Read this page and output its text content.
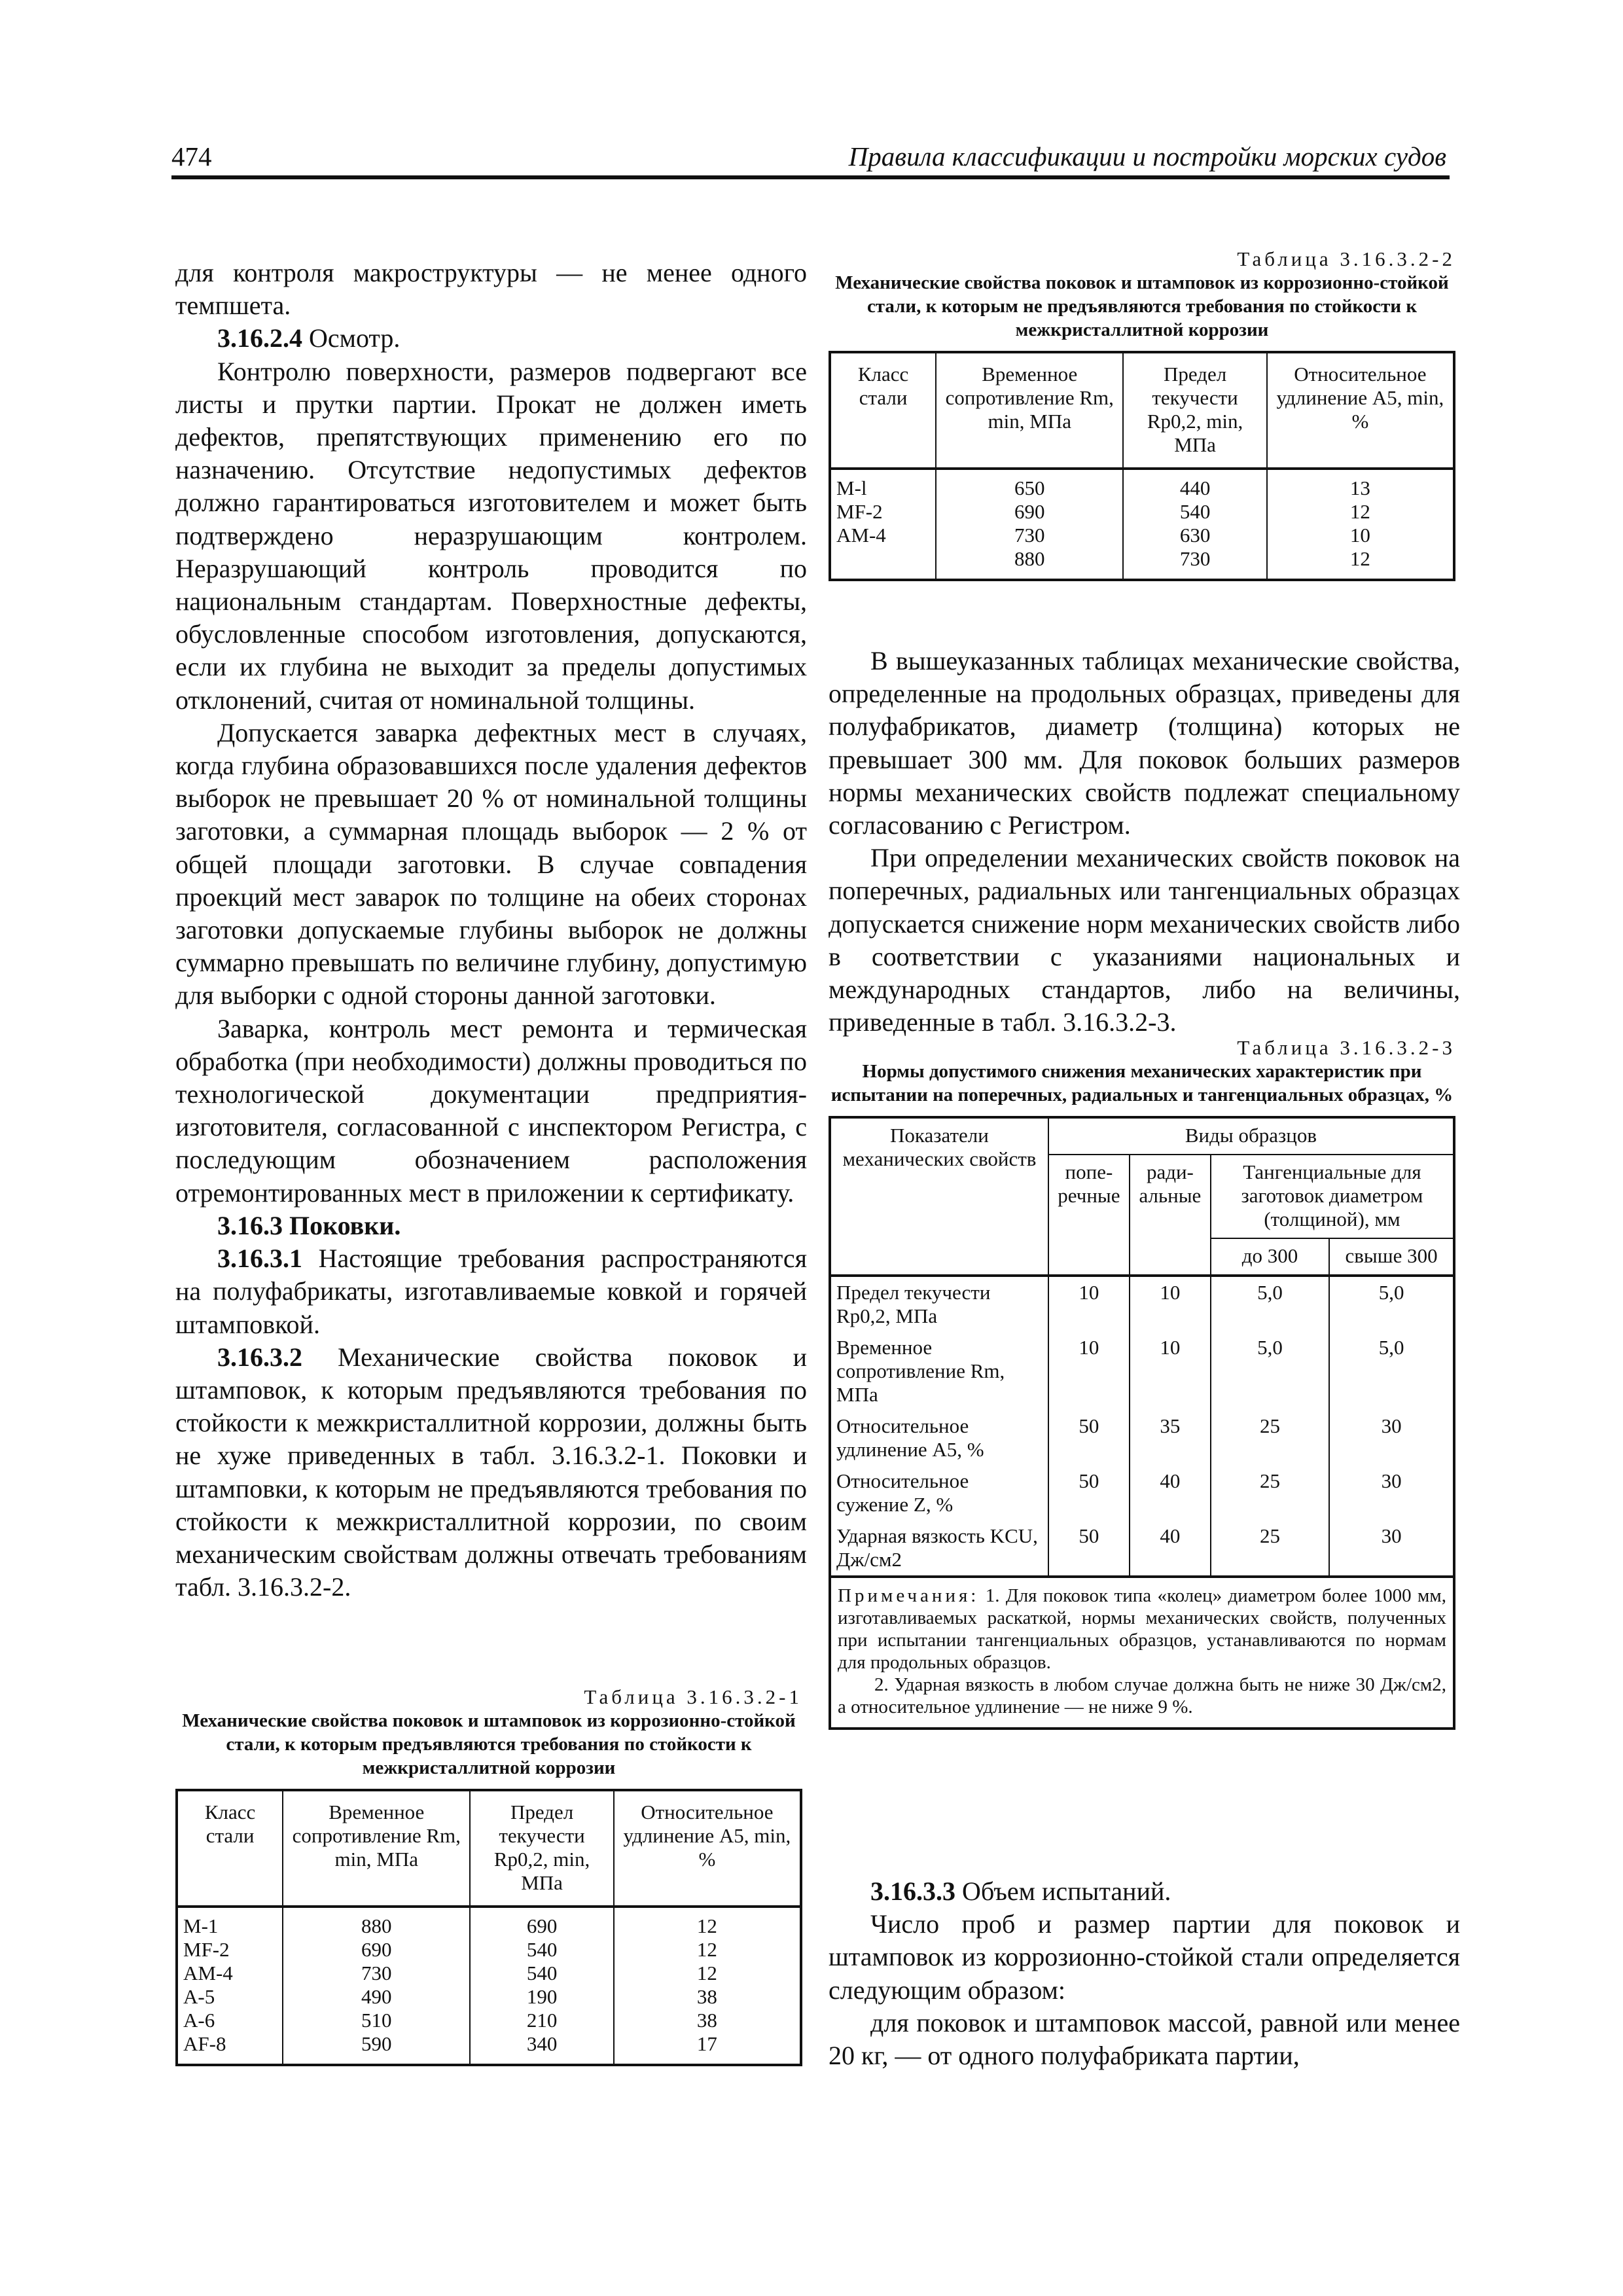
474	Правила классификации и постройки морских судов

для контроля макроструктуры — не менее одного темпшета.

3.16.2.4 Осмотр.

Контролю поверхности, размеров подвергают все листы и прутки партии. Прокат не должен иметь дефектов, препятствующих применению его по назначению. Отсутствие недопустимых дефектов должно гарантироваться изготовителем и может быть подтверждено неразрушающим контролем. Неразрушающий контроль проводится по национальным стандартам. Поверхностные дефекты, обусловленные способом изготовления, допускаются, если их глубина не выходит за пределы допустимых отклонений, считая от номинальной толщины.

Допускается заварка дефектных мест в случаях, когда глубина образовавшихся после удаления дефектов выборок не превышает 20 % от номинальной толщины заготовки, а суммарная площадь выборок — 2 % от общей площади заготовки. В случае совпадения проекций мест заварок по толщине на обеих сторонах заготовки допускаемые глубины выборок не должны суммарно превышать по величине глубину, допустимую для выборки с одной стороны данной заготовки.

Заварка, контроль мест ремонта и термическая обработка (при необходимости) должны проводиться по технологической документации предприятия-изготовителя, согласованной с инспектором Регистра, с последующим обозначением расположения отремонтированных мест в приложении к сертификату.

3.16.3 Поковки.

3.16.3.1 Настоящие требования распространяются на полуфабрикаты, изготавливаемые ковкой и горячей штамповкой.

3.16.3.2 Механические свойства поковок и штамповок, к которым предъявляются требования по стойкости к межкристаллитной коррозии, должны быть не хуже приведенных в табл. 3.16.3.2-1. Поковки и штамповки, к которым не предъявляются требования по стойкости к межкристаллитной коррозии, по своим механическим свойствам должны отвечать требованиям табл. 3.16.3.2-2.

Таблица 3.16.3.2-1
Механические свойства поковок и штамповок из коррозионно-стойкой стали, к которым предъявляются требования по стойкости к межкристаллитной коррозии
Класс стали	Временное сопротивление Rm, min, МПа	Предел текучести Rp0,2, min, МПа	Относительное удлинение A5, min, %
M-1	880	690	12
MF-2	690	540	12
AM-4	730	540	12
A-5	490	190	38
A-6	510	210	38
AF-8	590	340	17
Таблица 3.16.3.2-2
Механические свойства поковок и штамповок из коррозионно-стойкой стали, к которым не предъявляются требования по стойкости к межкристаллитной коррозии
Класс стали	Временное сопротивление Rm, min, МПа	Предел текучести Rp0,2, min, МПа	Относительное удлинение A5, min, %
M-l	650	440	13
MF-2	690	540	12
AM-4	730	630	10
	880	730	12

В вышеуказанных таблицах механические свойства, определенные на продольных образцах, приведены для полуфабрикатов, диаметр (толщина) которых не превышает 300 мм. Для поковок больших размеров нормы механических свойств подлежат специальному согласованию с Регистром.

При определении механических свойств поковок на поперечных, радиальных или тангенциальных образцах допускается снижение норм механических свойств либо в соответствии с указаниями национальных и международных стандартов, либо на величины, приведенные в табл. 3.16.3.2-3.

Таблица 3.16.3.2-3
Нормы допустимого снижения механических характеристик при испытании на поперечных, радиальных и тангенциальных образцах, %
Показатели механических свойств	Виды образцов			
	попе-речные	ради-альные	Тангенциальные для заготовок диаметром (толщиной), мм	
			до 300	свыше 300
Предел текучести Rp0,2, МПа	10	10	5,0	5,0
Временное сопротивление Rm, МПа	10	10	5,0	5,0
Относительное удлинение A5, %	50	35	25	30
Относительное сужение Z, %	50	40	25	30
Ударная вязкость KCU, Дж/см2	50	40	25	30

Примечания: 1. Для поковок типа «колец» диаметром более 1000 мм, изготавливаемых раскаткой, нормы механических свойств, полученных при испытании тангенциальных образцов, устанавливаются по нормам для продольных образцов.
2. Ударная вязкость в любом случае должна быть не ниже 30 Дж/см2, а относительное удлинение — не ниже 9 %.				

3.16.3.3 Объем испытаний.

Число проб и размер партии для поковок и штамповок из коррозионно-стойкой стали определяется следующим образом:

для поковок и штамповок массой, равной или менее 20 кг, — от одного полуфабриката партии,
